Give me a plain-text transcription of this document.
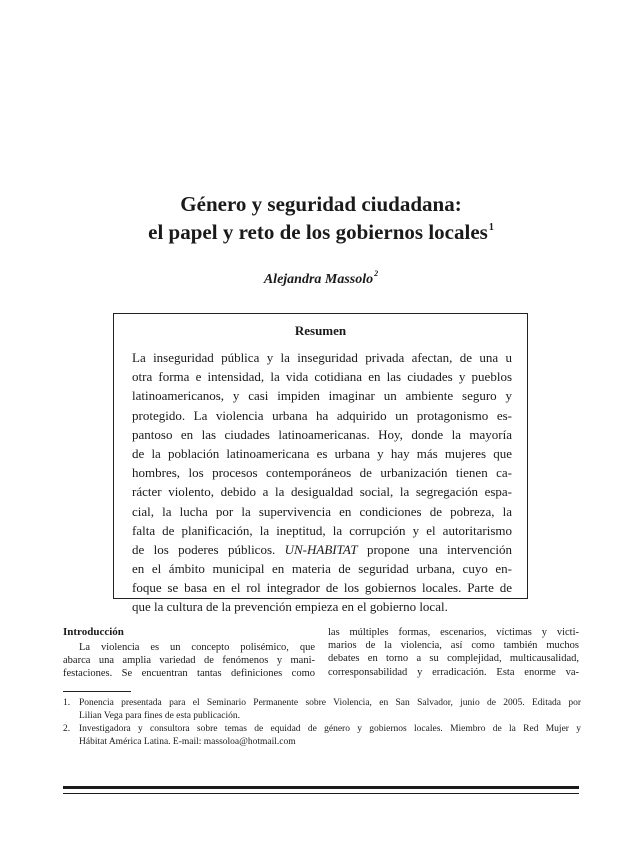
Género y seguridad ciudadana:
el papel y reto de los gobiernos locales$^1$
Alejandra Massolo$^2$
Resumen
La inseguridad pública y la inseguridad privada afectan, de una u
otra forma e intensidad, la vida cotidiana en las ciudades y pueblos
latinoamericanos, y casi impiden imaginar un ambiente seguro y
protegido. La violencia urbana ha adquirido un protagonismo es-
pantoso en las ciudades latinoamericanas. Hoy, donde la mayoría
de la población latinoamericana es urbana y hay más mujeres que
hombres, los procesos contemporáneos de urbanización tienen ca-
rácter violento, debido a la desigualdad social, la segregación espa-
cial, la lucha por la supervivencia en condiciones de pobreza, la
falta de planificación, la ineptitud, la corrupción y el autoritarismo
de los poderes públicos. UN-HABITAT propone una intervención
en el ámbito municipal en materia de seguridad urbana, cuyo en-
foque se basa en el rol integrador de los gobiernos locales. Parte de
que la cultura de la prevención empieza en el gobierno local.
Introducción
La violencia es un concepto polisémico, que
abarca una amplia variedad de fenómenos y mani-
festaciones. Se encuentran tantas definiciones como
las múltiples formas, escenarios, víctimas y victi-
marios de la violencia, así como también muchos
debates en torno a su complejidad, multicausalidad,
corresponsabilidad y erradicación. Esta enorme va-
1. Ponencia presentada para el Seminario Permanente sobre Violencia, en San Salvador, junio de 2005. Editada por
Lilian Vega para fines de esta publicación.
2. Investigadora y consultora sobre temas de equidad de género y gobiernos locales. Miembro de la Red Mujer y
Hábitat América Latina. E-mail: massoloa@hotmail.com
